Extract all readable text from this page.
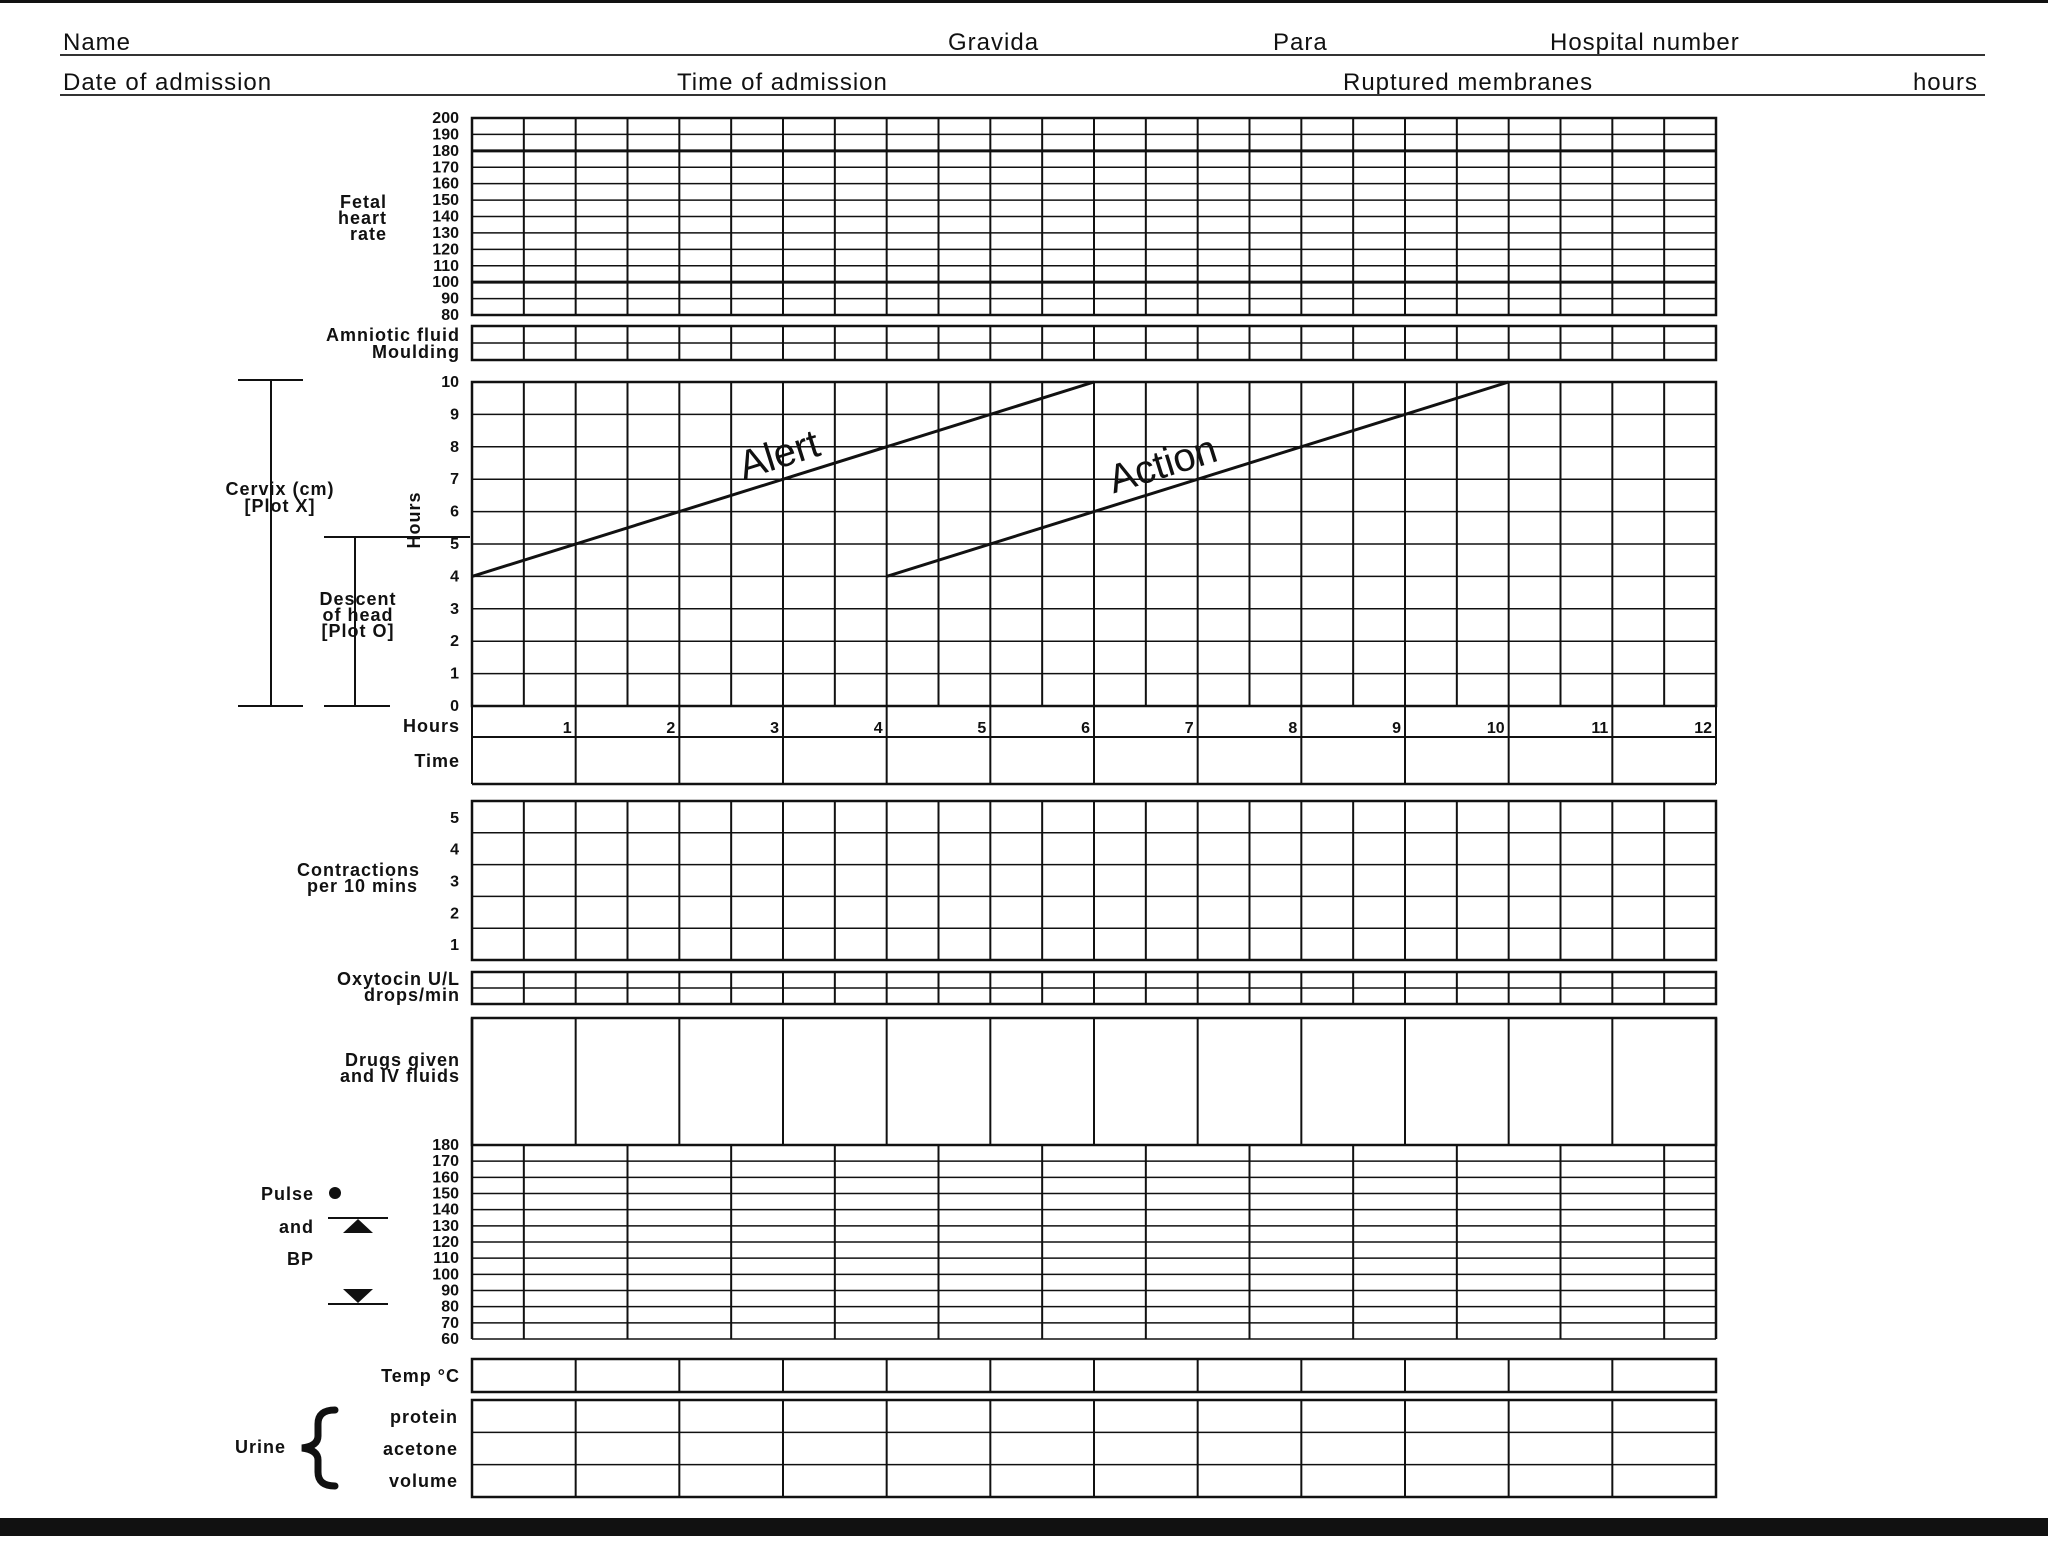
Name	Gravida	Para	Hospital number
Date of admission	Time of admission	Ruptured membranes	hours
Fetal
heart
rate
200
190
180
170
160
150
140
130
120
110
100
90
80
Amniotic fluid
Moulding
Cervix (cm)
[Plot X]
Descent
of head
[Plot O]
Hours
10
9
8
7
6
5
4
3
2
1
0
Alert	Action
Hours	1	2	3	4	5	6	7	8	9	10	11	12
Time
Contractions
per 10 mins
5
4
3
2
1
Oxytocin U/L
drops/min
Drugs given
and IV fluids
Pulse
and
BP
180
170
160
150
140
130
120
110
100
90
80
70
60
Temp °C
Urine
protein
acetone
volume
